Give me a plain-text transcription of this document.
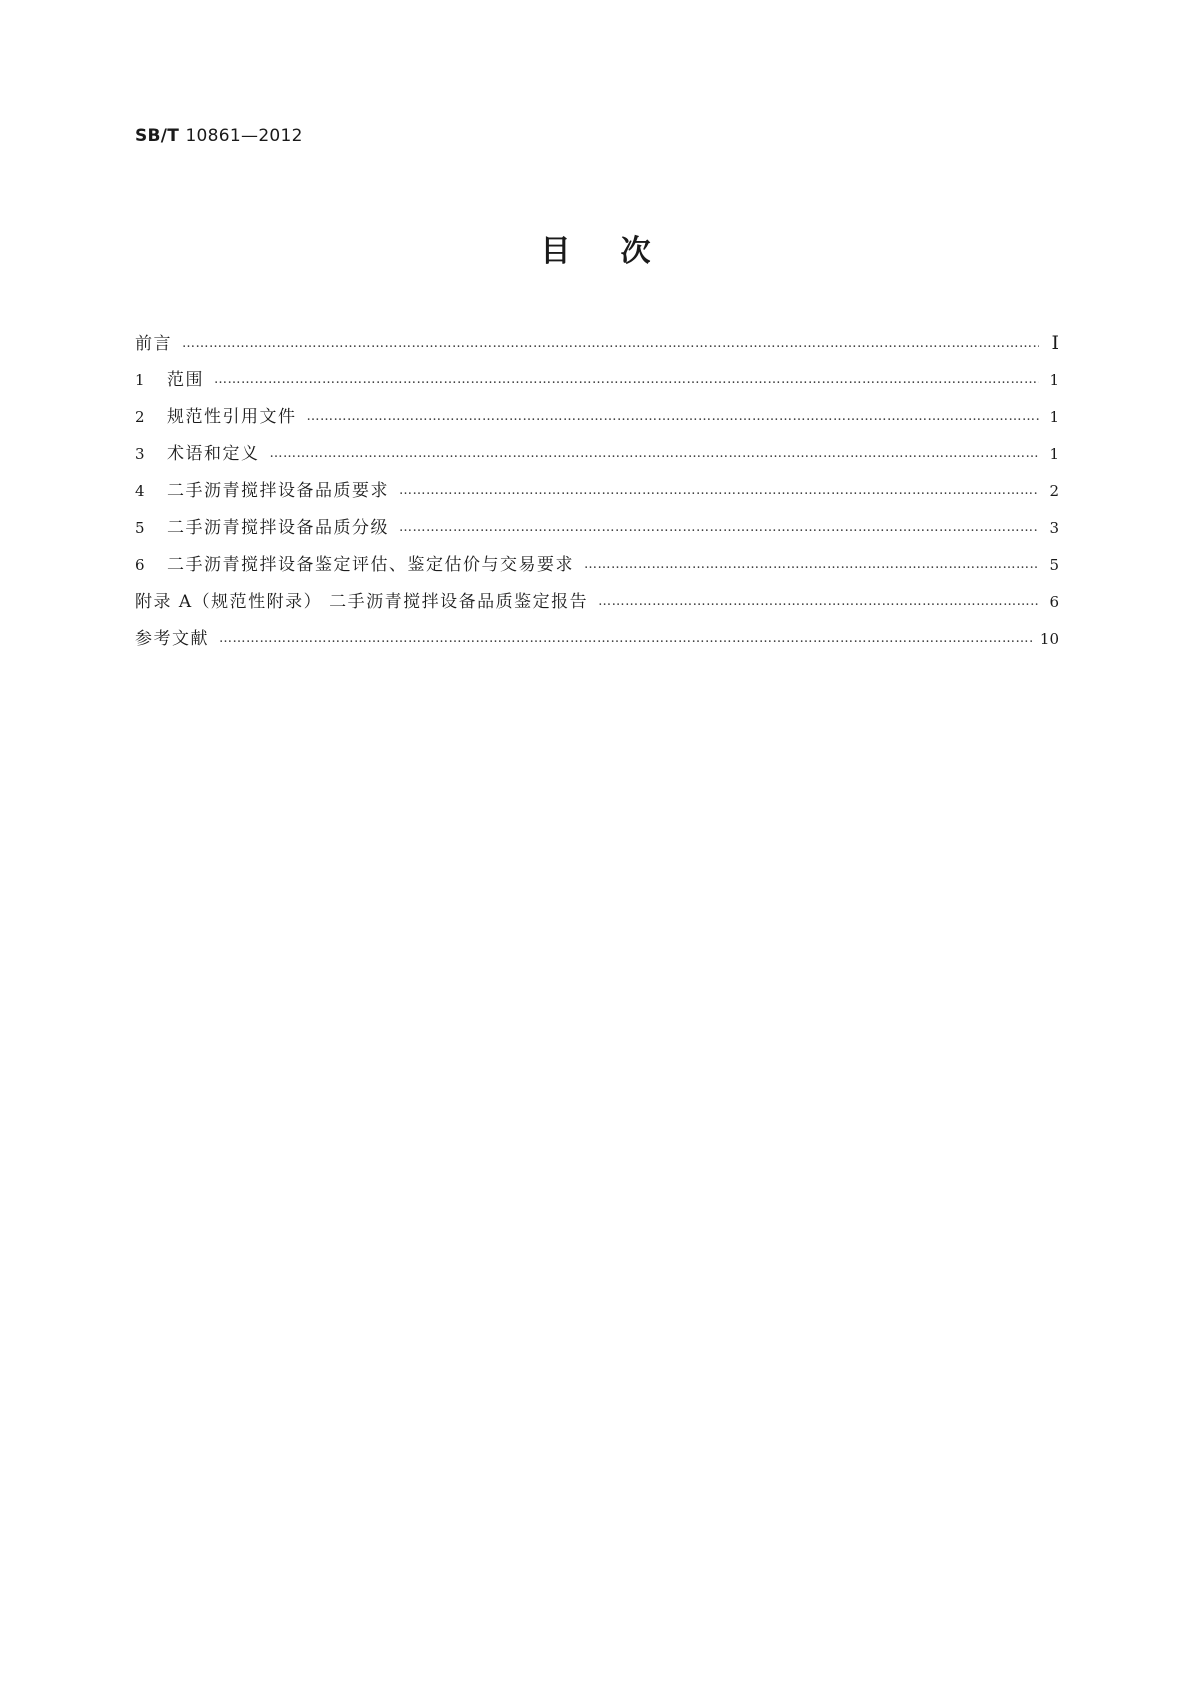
SB/T 10861—2012
目次
前言 …………………………………………………………………………………………………………………………………………………………………………………………………………	Ⅰ
1	范围 …………………………………………………………………………………………………………………………………………………………………………………………………………	1
2	规范性引用文件 …………………………………………………………………………………………………………………………………………………………………………………………………………	1
3	术语和定义 …………………………………………………………………………………………………………………………………………………………………………………………………………	1
4	二手沥青搅拌设备品质要求 …………………………………………………………………………………………………………………………………………………………………………………………………………	2
5	二手沥青搅拌设备品质分级 …………………………………………………………………………………………………………………………………………………………………………………………………………	3
6	二手沥青搅拌设备鉴定评估、鉴定估价与交易要求 …………………………………………………………………………………………………………………………………………………………………………………………………………	5
附录 A（规范性附录） 二手沥青搅拌设备品质鉴定报告 …………………………………………………………………………………………………………………………………………………………………………………………………………	6
参考文献 …………………………………………………………………………………………………………………………………………………………………………………………………………	10
